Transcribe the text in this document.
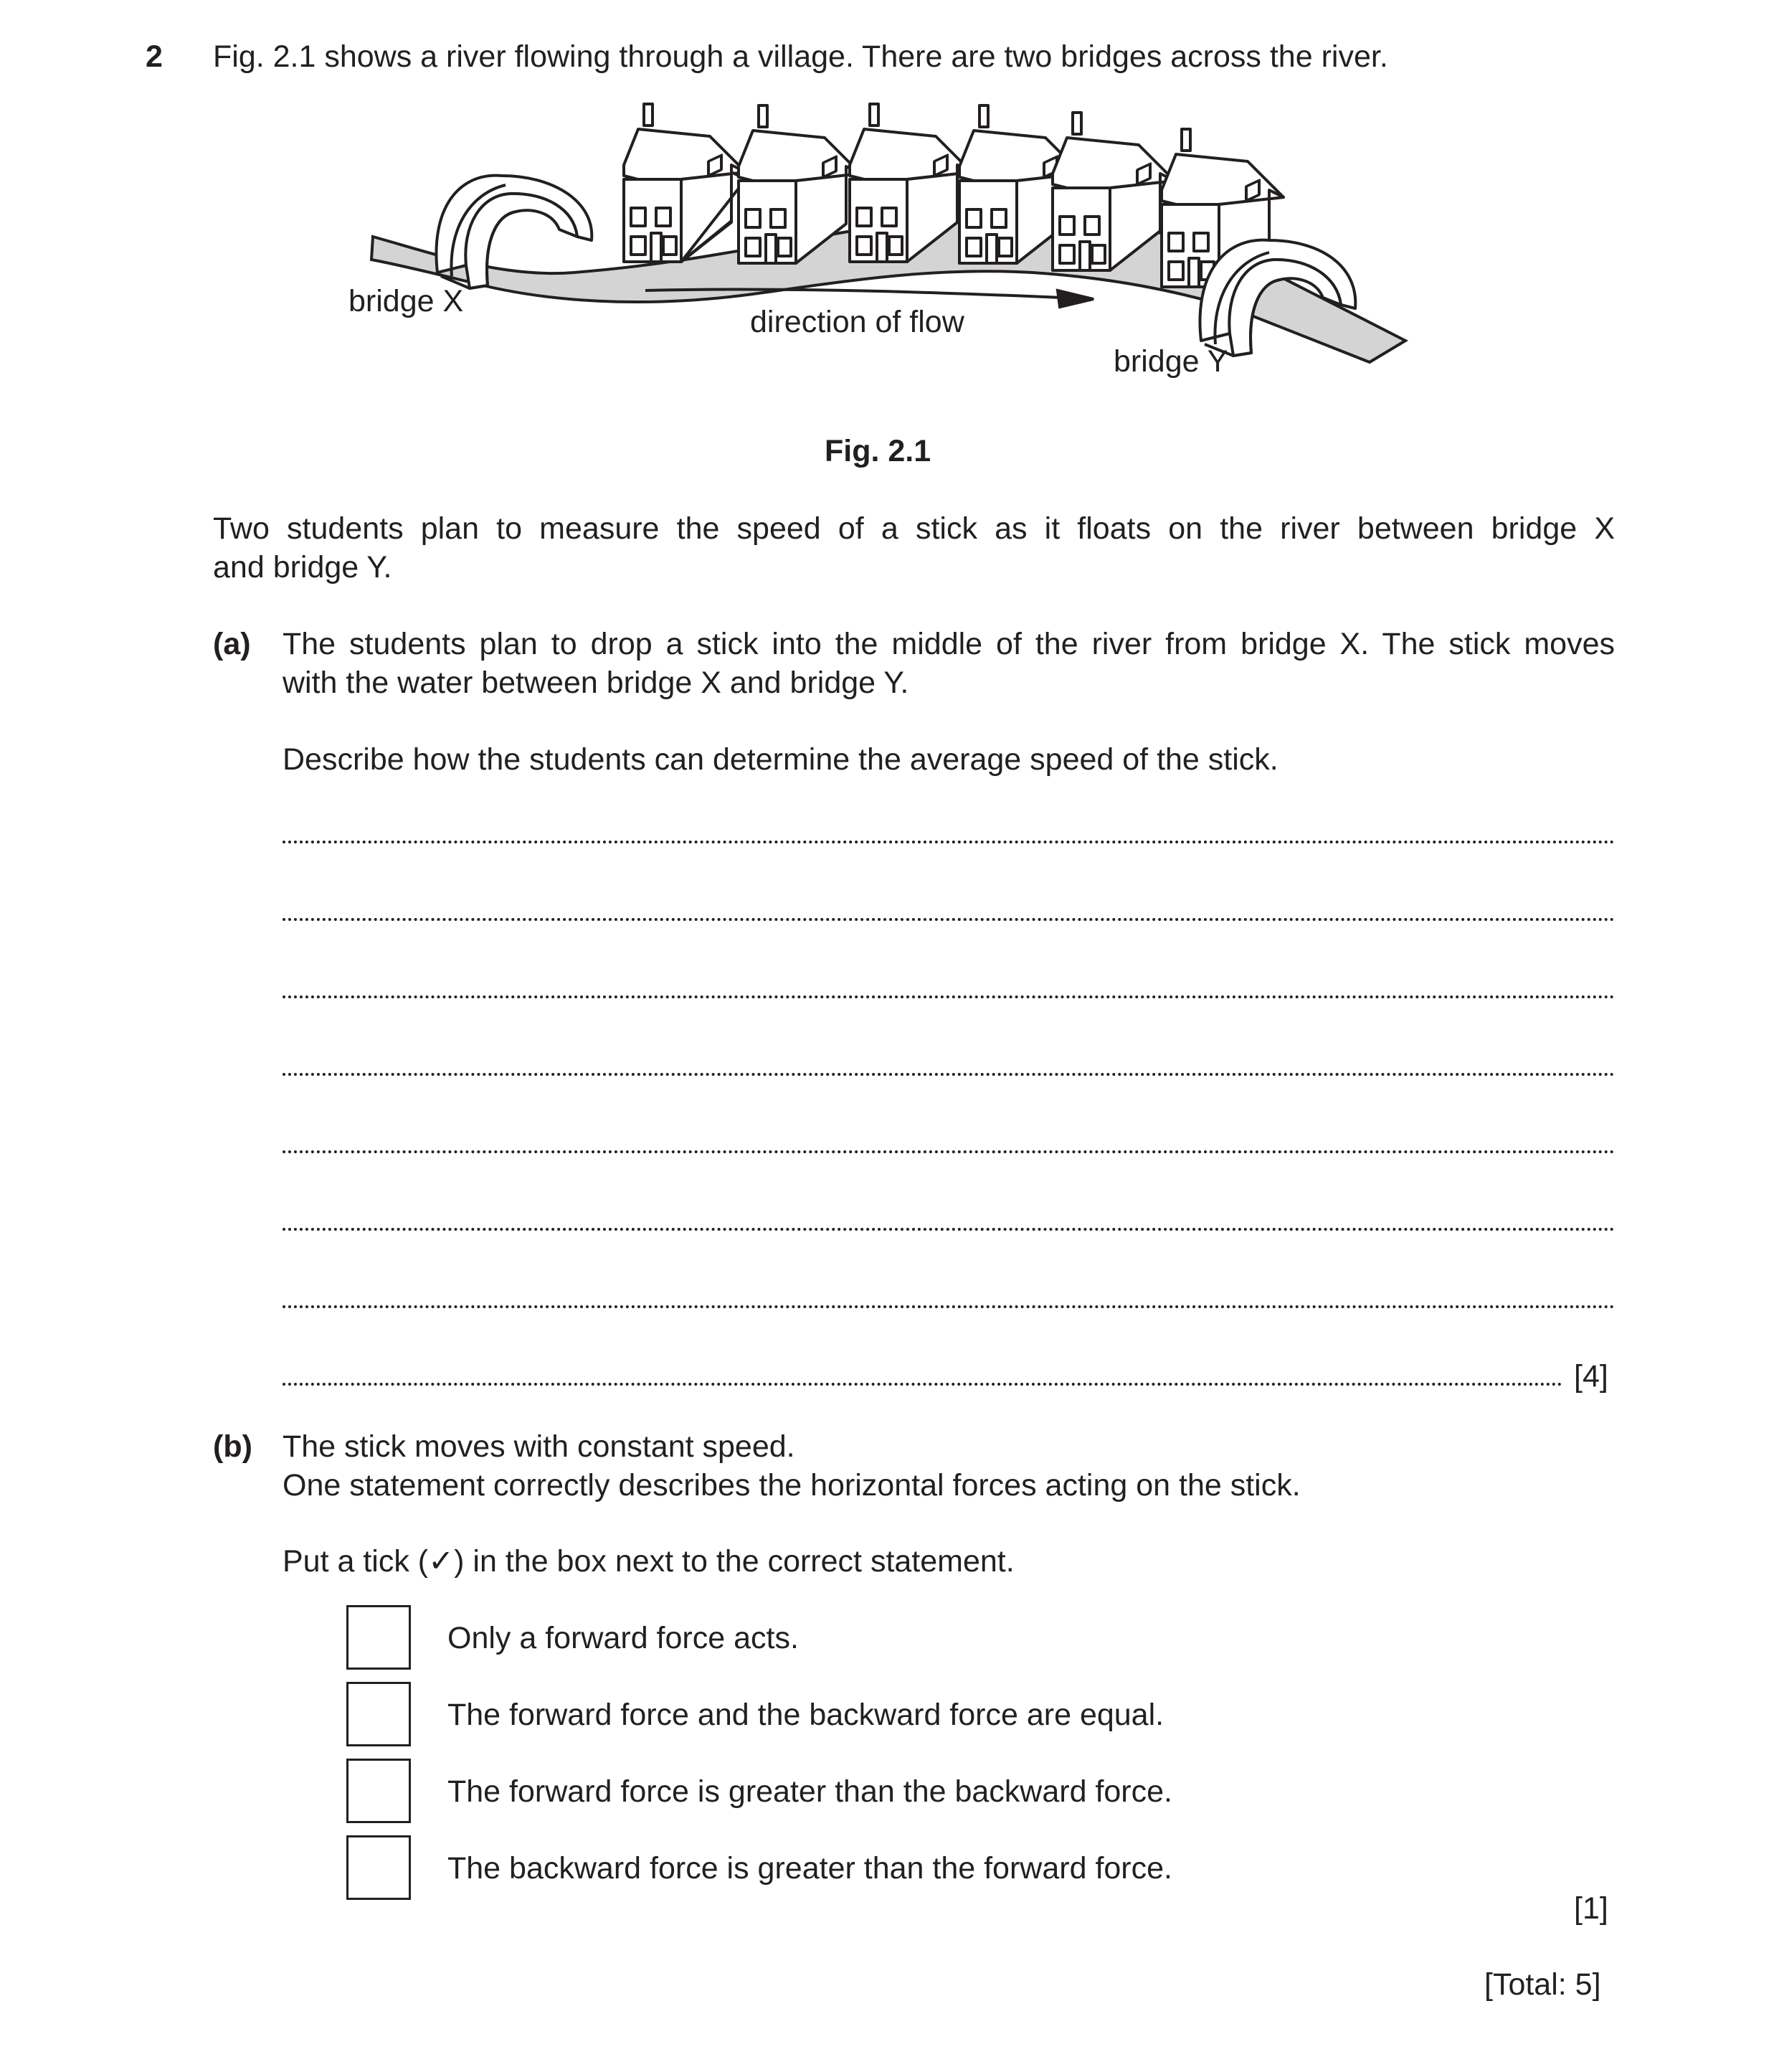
2 Fig. 2.1 shows a river flowing through a village. There are two bridges across the river.
bridge X
direction of flow
bridge Y
Fig. 2.1
Two students plan to measure the speed of a stick as it floats on the river between bridge X
and bridge Y.
(a) The students plan to drop a stick into the middle of the river from bridge X. The stick moves
with the water between bridge X and bridge Y.
Describe how the students can determine the average speed of the stick.
[4]
(b) The stick moves with constant speed.
One statement correctly describes the horizontal forces acting on the stick.
Put a tick (✓) in the box next to the correct statement.
Only a forward force acts.
The forward force and the backward force are equal.
The forward force is greater than the backward force.
The backward force is greater than the forward force.
[1]
[Total: 5]
